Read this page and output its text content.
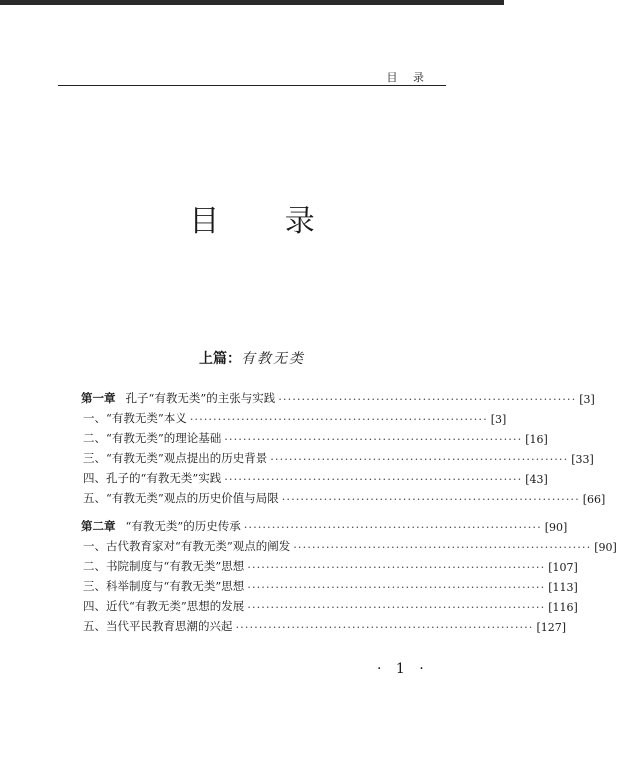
目 录
目 录
上篇：有教无类
第一章 孔子“有教无类”的主张与实践 ································································ [3]
一、“有教无类”本义 ································································ [3]
二、“有教无类”的理论基础 ································································ [16]
三、“有教无类”观点提出的历史背景 ································································ [33]
四、孔子的“有教无类”实践 ································································ [43]
五、“有教无类”观点的历史价值与局限 ································································ [66]
第二章 “有教无类”的历史传承 ································································ [90]
一、古代教育家对“有教无类”观点的阐发 ································································ [90]
二、书院制度与“有教无类”思想 ································································ [107]
三、科举制度与“有教无类”思想 ································································ [113]
四、近代“有教无类”思想的发展 ································································ [116]
五、当代平民教育思潮的兴起 ································································ [127]
· 1 ·
